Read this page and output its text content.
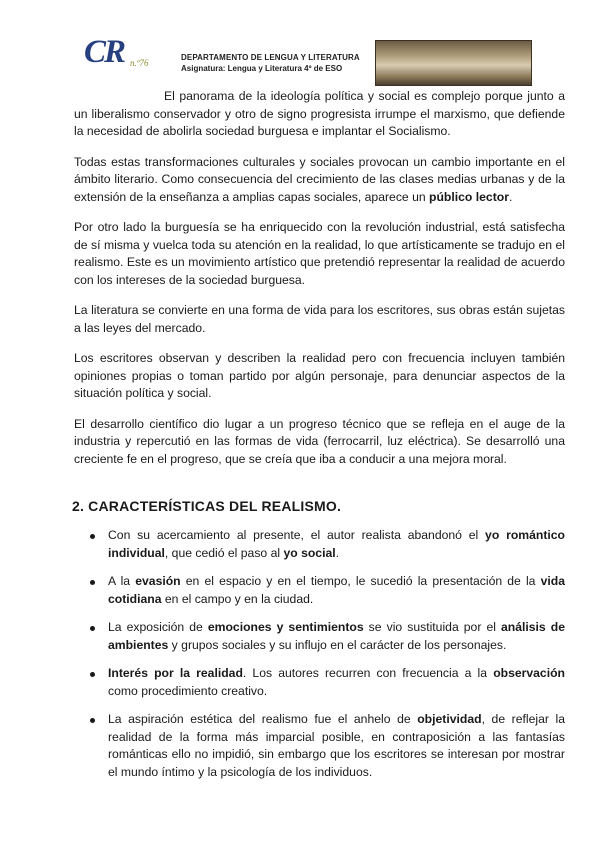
CR n.º76
DEPARTAMENTO DE LENGUA Y LITERATURA
Asignatura: Lengua y Literatura 4º de ESO

El panorama de la ideología política y social es complejo porque junto a un liberalismo conservador y otro de signo progresista irrumpe el marxismo, que defiende la necesidad de abolirla sociedad burguesa e implantar el Socialismo.

Todas estas transformaciones culturales y sociales provocan un cambio importante en el ámbito literario. Como consecuencia del crecimiento de las clases medias urbanas y de la extensión de la enseñanza a amplias capas sociales, aparece un público lector.

Por otro lado la burguesía se ha enriquecido con la revolución industrial, está satisfecha de sí misma y vuelca toda su atención en la realidad, lo que artísticamente se tradujo en el realismo. Este es un movimiento artístico que pretendió representar la realidad de acuerdo con los intereses de la sociedad burguesa.

La literatura se convierte en una forma de vida para los escritores, sus obras están sujetas a las leyes del mercado.

Los escritores observan y describen la realidad pero con frecuencia incluyen también opiniones propias o toman partido por algún personaje, para denunciar aspectos de la situación política y social.

El desarrollo científico dio lugar a un progreso técnico que se refleja en el auge de la industria y repercutió en las formas de vida (ferrocarril, luz eléctrica). Se desarrolló una creciente fe en el progreso, que se creía que iba a conducir a una mejora moral.

2. CARACTERÍSTICAS DEL REALISMO.
Con su acercamiento al presente, el autor realista abandonó el yo romántico individual, que cedió el paso al yo social.
A la evasión en el espacio y en el tiempo, le sucedió la presentación de la vida cotidiana en el campo y en la ciudad.
La exposición de emociones y sentimientos se vio sustituida por el análisis de ambientes y grupos sociales y su influjo en el carácter de los personajes.
Interés por la realidad. Los autores recurren con frecuencia a la observación como procedimiento creativo.
La aspiración estética del realismo fue el anhelo de objetividad, de reflejar la realidad de la forma más imparcial posible, en contraposición a las fantasías románticas ello no impidió, sin embargo que los escritores se interesan por mostrar el mundo íntimo y la psicología de los individuos.
